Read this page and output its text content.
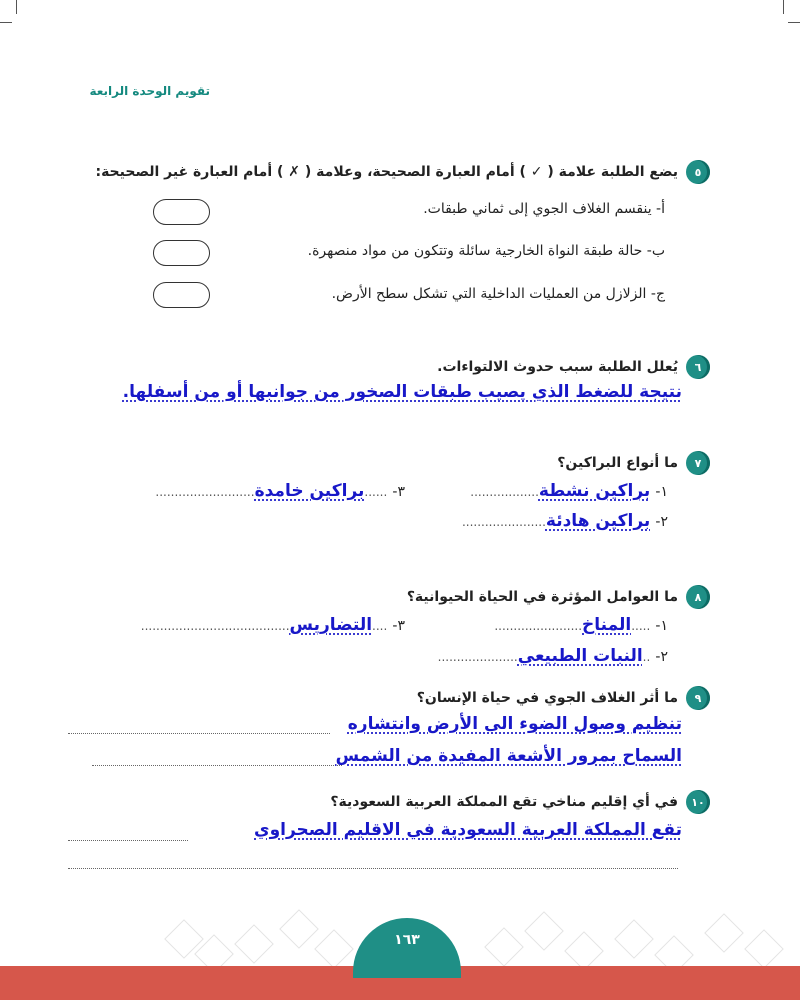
تقويم الوحدة الرابعة
٥
يضع الطلبة علامة ( ✓ ) أمام العبارة الصحيحة، وعلامة ( ✗ ) أمام العبارة غير الصحيحة:
أ- ينقسم الغلاف الجوي إلى ثماني طبقات.
ب- حالة طبقة النواة الخارجية سائلة وتتكون من مواد منصهرة.
ج- الزلازل من العمليات الداخلية التي تشكل سطح الأرض.
٦
يُعلل الطلبة سبب حدوث الالتواءات.
نتيجة للضغط الذي يصيب طبقات الصخور من جوانبها أو من أسفلها.
٧
ما أنواع البراكين؟
١- براكين نشطة..................
٣- ......براكين خامدة..........................
٢- براكين هادئة......................
٨
ما العوامل المؤثرة في الحياة الحيوانية؟
١- .....المناخ.......................
٣- ....التضاريس.......................................
٢- ..النبات الطبيعي.....................
٩
ما أثر الغلاف الجوي في حياة الإنسان؟
تنظيم وصول الضوء الى الأرض وانتشاره
السماح بمرور الأشعة المفيدة من الشمس
١٠
في أي إقليم مناخي تقع المملكة العربية السعودية؟
تقع المملكة العربية السعودية في الاقليم الصحراوي
١٦٣
